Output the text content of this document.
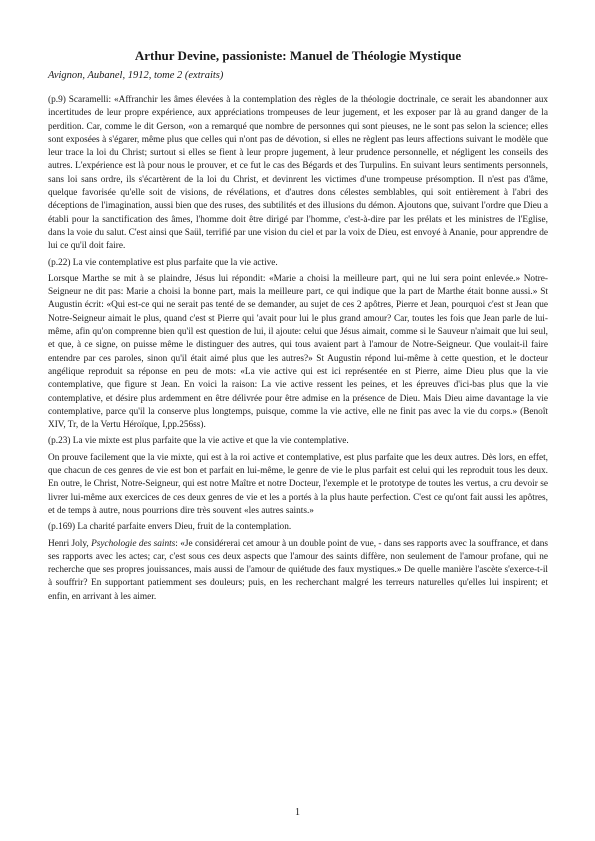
Arthur Devine, passioniste: Manuel de Théologie Mystique
Avignon, Aubanel, 1912, tome 2 (extraits)

(p.9) Scaramelli: «Affranchir les âmes élevées à la contemplation des règles de la théologie doctrinale, ce serait les abandonner aux incertitudes de leur propre expérience, aux appréciations trompeuses de leur jugement, et les exposer par là au grand danger de la perdition. Car, comme le dit Gerson, «on a remarqué que nombre de personnes qui sont pieuses, ne le sont pas selon la science; elles sont exposées à s'égarer, même plus que celles qui n'ont pas de dévotion, si elles ne règlent pas leurs affections suivant le modèle que leur trace la loi du Christ; surtout si elles se fient à leur propre jugement, à leur prudence personnelle, et négligent les conseils des autres. L'expérience est là pour nous le prouver, et ce fut le cas des Bégards et des Turpulins. En suivant leurs sentiments personnels, sans loi sans ordre, ils s'écartèrent de la loi du Christ, et devinrent les victimes d'une trompeuse présomption. Il n'est pas d'âme, quelque favorisée qu'elle soit de visions, de révélations, et d'autres dons célestes semblables, qui soit entièrement à l'abri des déceptions de l'imagination, aussi bien que des ruses, des subtilités et des illusions du démon. Ajoutons que, suivant l'ordre que Dieu a établi pour la sanctification des âmes, l'homme doit être dirigé par l'homme, c'est-à-dire par les prélats et les ministres de l'Eglise, dans la voie du salut. C'est ainsi que Saül, terrifié par une vision du ciel et par la voix de Dieu, est envoyé à Ananie, pour apprendre de lui ce qu'il doit faire.

(p.22) La vie contemplative est plus parfaite que la vie active.

Lorsque Marthe se mit à se plaindre, Jésus lui répondit: «Marie a choisi la meilleure part, qui ne lui sera point enlevée.» Notre-Seigneur ne dit pas: Marie a choisi la bonne part, mais la meilleure part, ce qui indique que la part de Marthe était bonne aussi.» St Augustin écrit: «Qui est-ce qui ne serait pas tenté de se demander, au sujet de ces 2 apôtres, Pierre et Jean, pourquoi c'est st Jean que Notre-Seigneur aimait le plus, quand c'est st Pierre qui 'avait pour lui le plus grand amour? Car, toutes les fois que Jean parle de lui-même, afin qu'on comprenne bien qu'il est question de lui, il ajoute: celui que Jésus aimait, comme si le Sauveur n'aimait que lui seul, et que, à ce signe, on puisse même le distinguer des autres, qui tous avaient part à l'amour de Notre-Seigneur. Que voulait-il faire entendre par ces paroles, sinon qu'il était aimé plus que les autres?» St Augustin répond lui-même à cette question, et le docteur angélique reproduit sa réponse en peu de mots: «La vie active qui est ici représentée en st Pierre, aime Dieu plus que la vie contemplative, que figure st Jean. En voici la raison: La vie active ressent les peines, et les épreuves d'ici-bas plus que la vie contemplative, et désire plus ardemment en être délivrée pour être admise en la présence de Dieu. Mais Dieu aime davantage la vie contemplative, parce qu'il la conserve plus longtemps, puisque, comme la vie active, elle ne finit pas avec la vie du corps.» (Benoît XIV, Tr, de la Vertu Héroïque, I,pp.256ss).

(p.23) La vie mixte est plus parfaite que la vie active et que la vie contemplative.

On prouve facilement que la vie mixte, qui est à la roi active et contemplative, est plus parfaite que les deux autres. Dès lors, en effet, que chacun de ces genres de vie est bon et parfait en lui-même, le genre de vie le plus parfait est celui qui les reproduit tous les deux. En outre, le Christ, Notre-Seigneur, qui est notre Maître et notre Docteur, l'exemple et le prototype de toutes les vertus, a cru devoir se livrer lui-même aux exercices de ces deux genres de vie et les a portés à la plus haute perfection. C'est ce qu'ont fait aussi les apôtres, et de temps à autre, nous pourrions dire très souvent «les autres saints.»

(p.169) La charité parfaite envers Dieu, fruit de la contemplation.

Henri Joly, Psychologie des saints: «Je considérerai cet amour à un double point de vue, - dans ses rapports avec la souffrance, et dans ses rapports avec les actes; car, c'est sous ces deux aspects que l'amour des saints diffère, non seulement de l'amour profane, qui ne recherche que ses propres jouissances, mais aussi de l'amour de quiétude des faux mystiques.» De quelle manière l'ascète s'exerce-t-il à souffrir? En supportant patiemment ses douleurs; puis, en les recherchant malgré les terreurs naturelles qu'elles lui inspirent; et enfin, en arrivant à les aimer.

1
